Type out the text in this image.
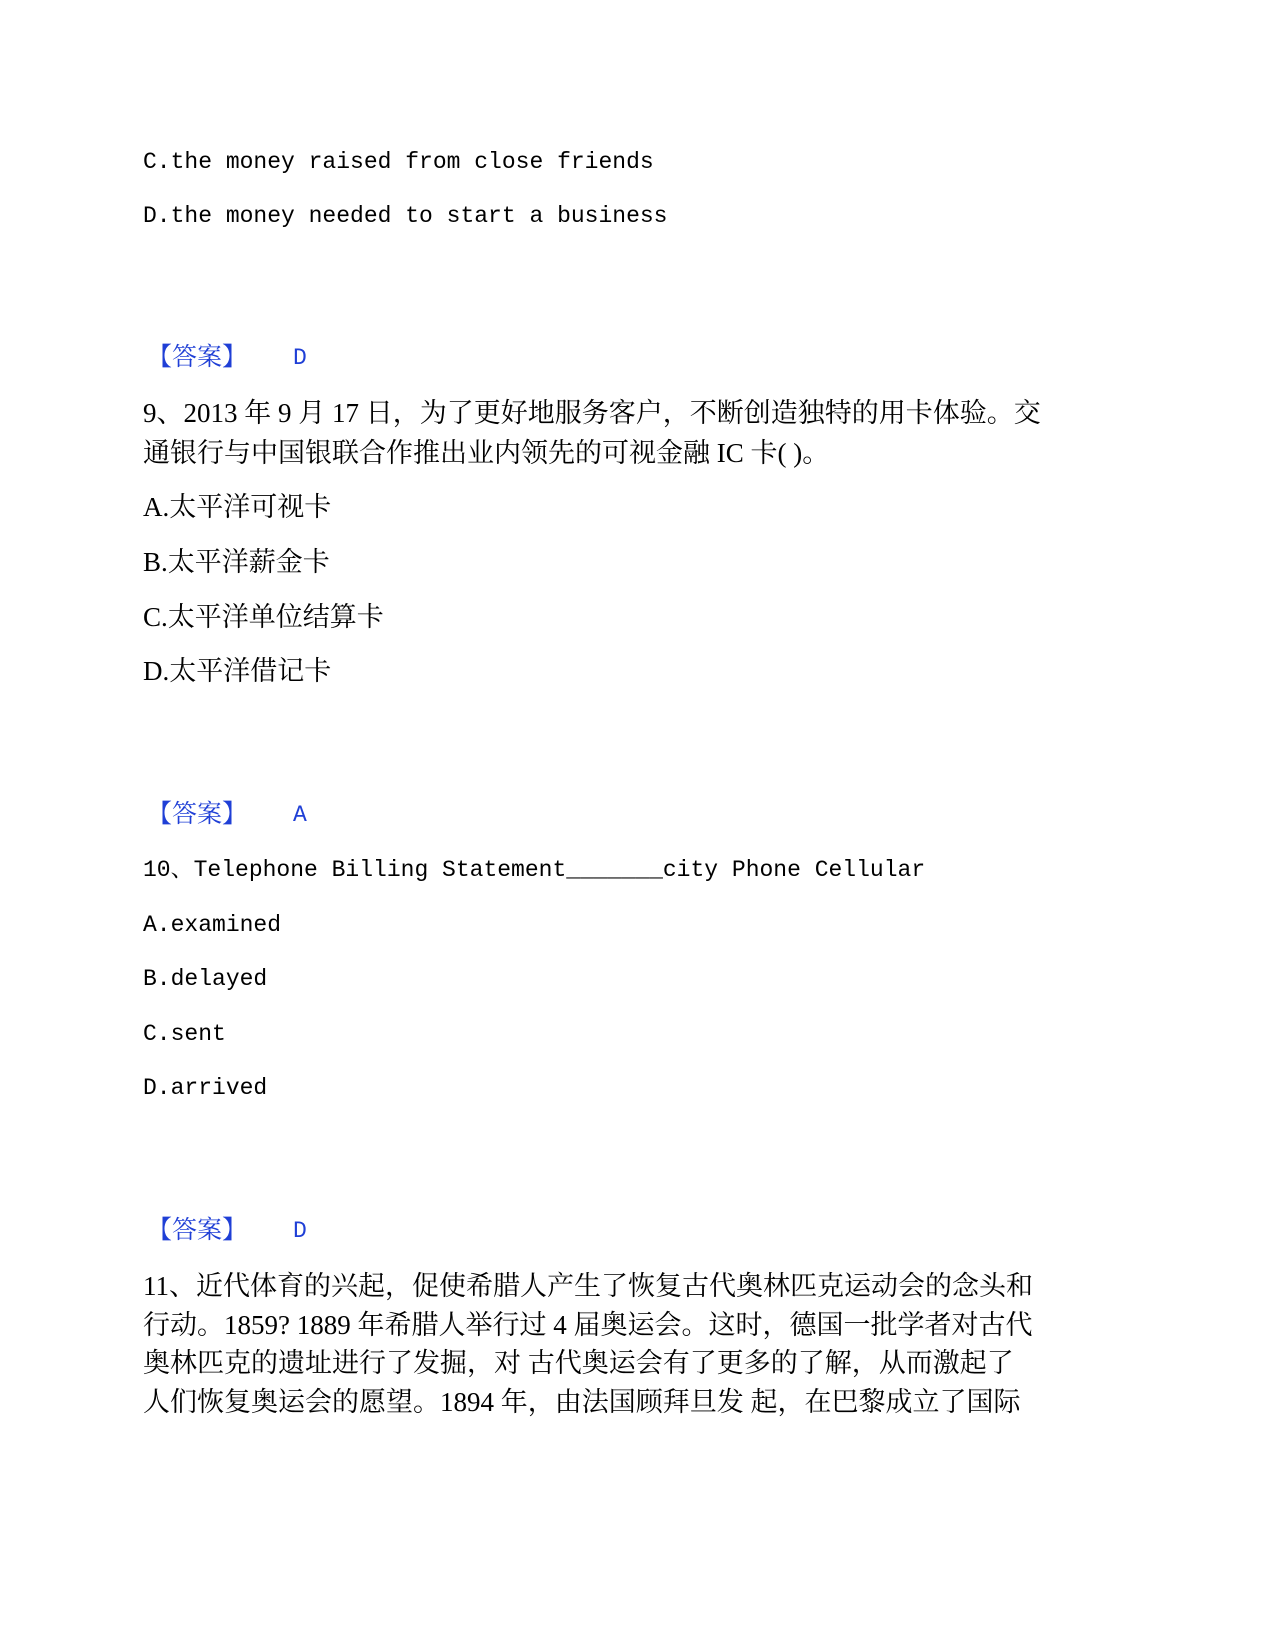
C.the money raised from close friends
D.the money needed to start a business
【答案】 D
9、2013 年 9 月 17 日，为了更好地服务客户，不断创造独特的用卡体验。交
通银行与中国银联合作推出业内领先的可视金融 IC 卡( )。
A.太平洋可视卡
B.太平洋薪金卡
C.太平洋单位结算卡
D.太平洋借记卡
【答案】 A
10、Telephone Billing Statement_______city Phone Cellular
A.examined
B.delayed
C.sent
D.arrived
【答案】 D
11、近代体育的兴起，促使希腊人产生了恢复古代奥林匹克运动会的念头和
行动。1859? 1889 年希腊人举行过 4 届奥运会。这时，德国一批学者对古代
奥林匹克的遗址进行了发掘，对 古代奥运会有了更多的了解，从而激起了
人们恢复奥运会的愿望。1894 年，由法国顾拜旦发 起，在巴黎成立了国际
